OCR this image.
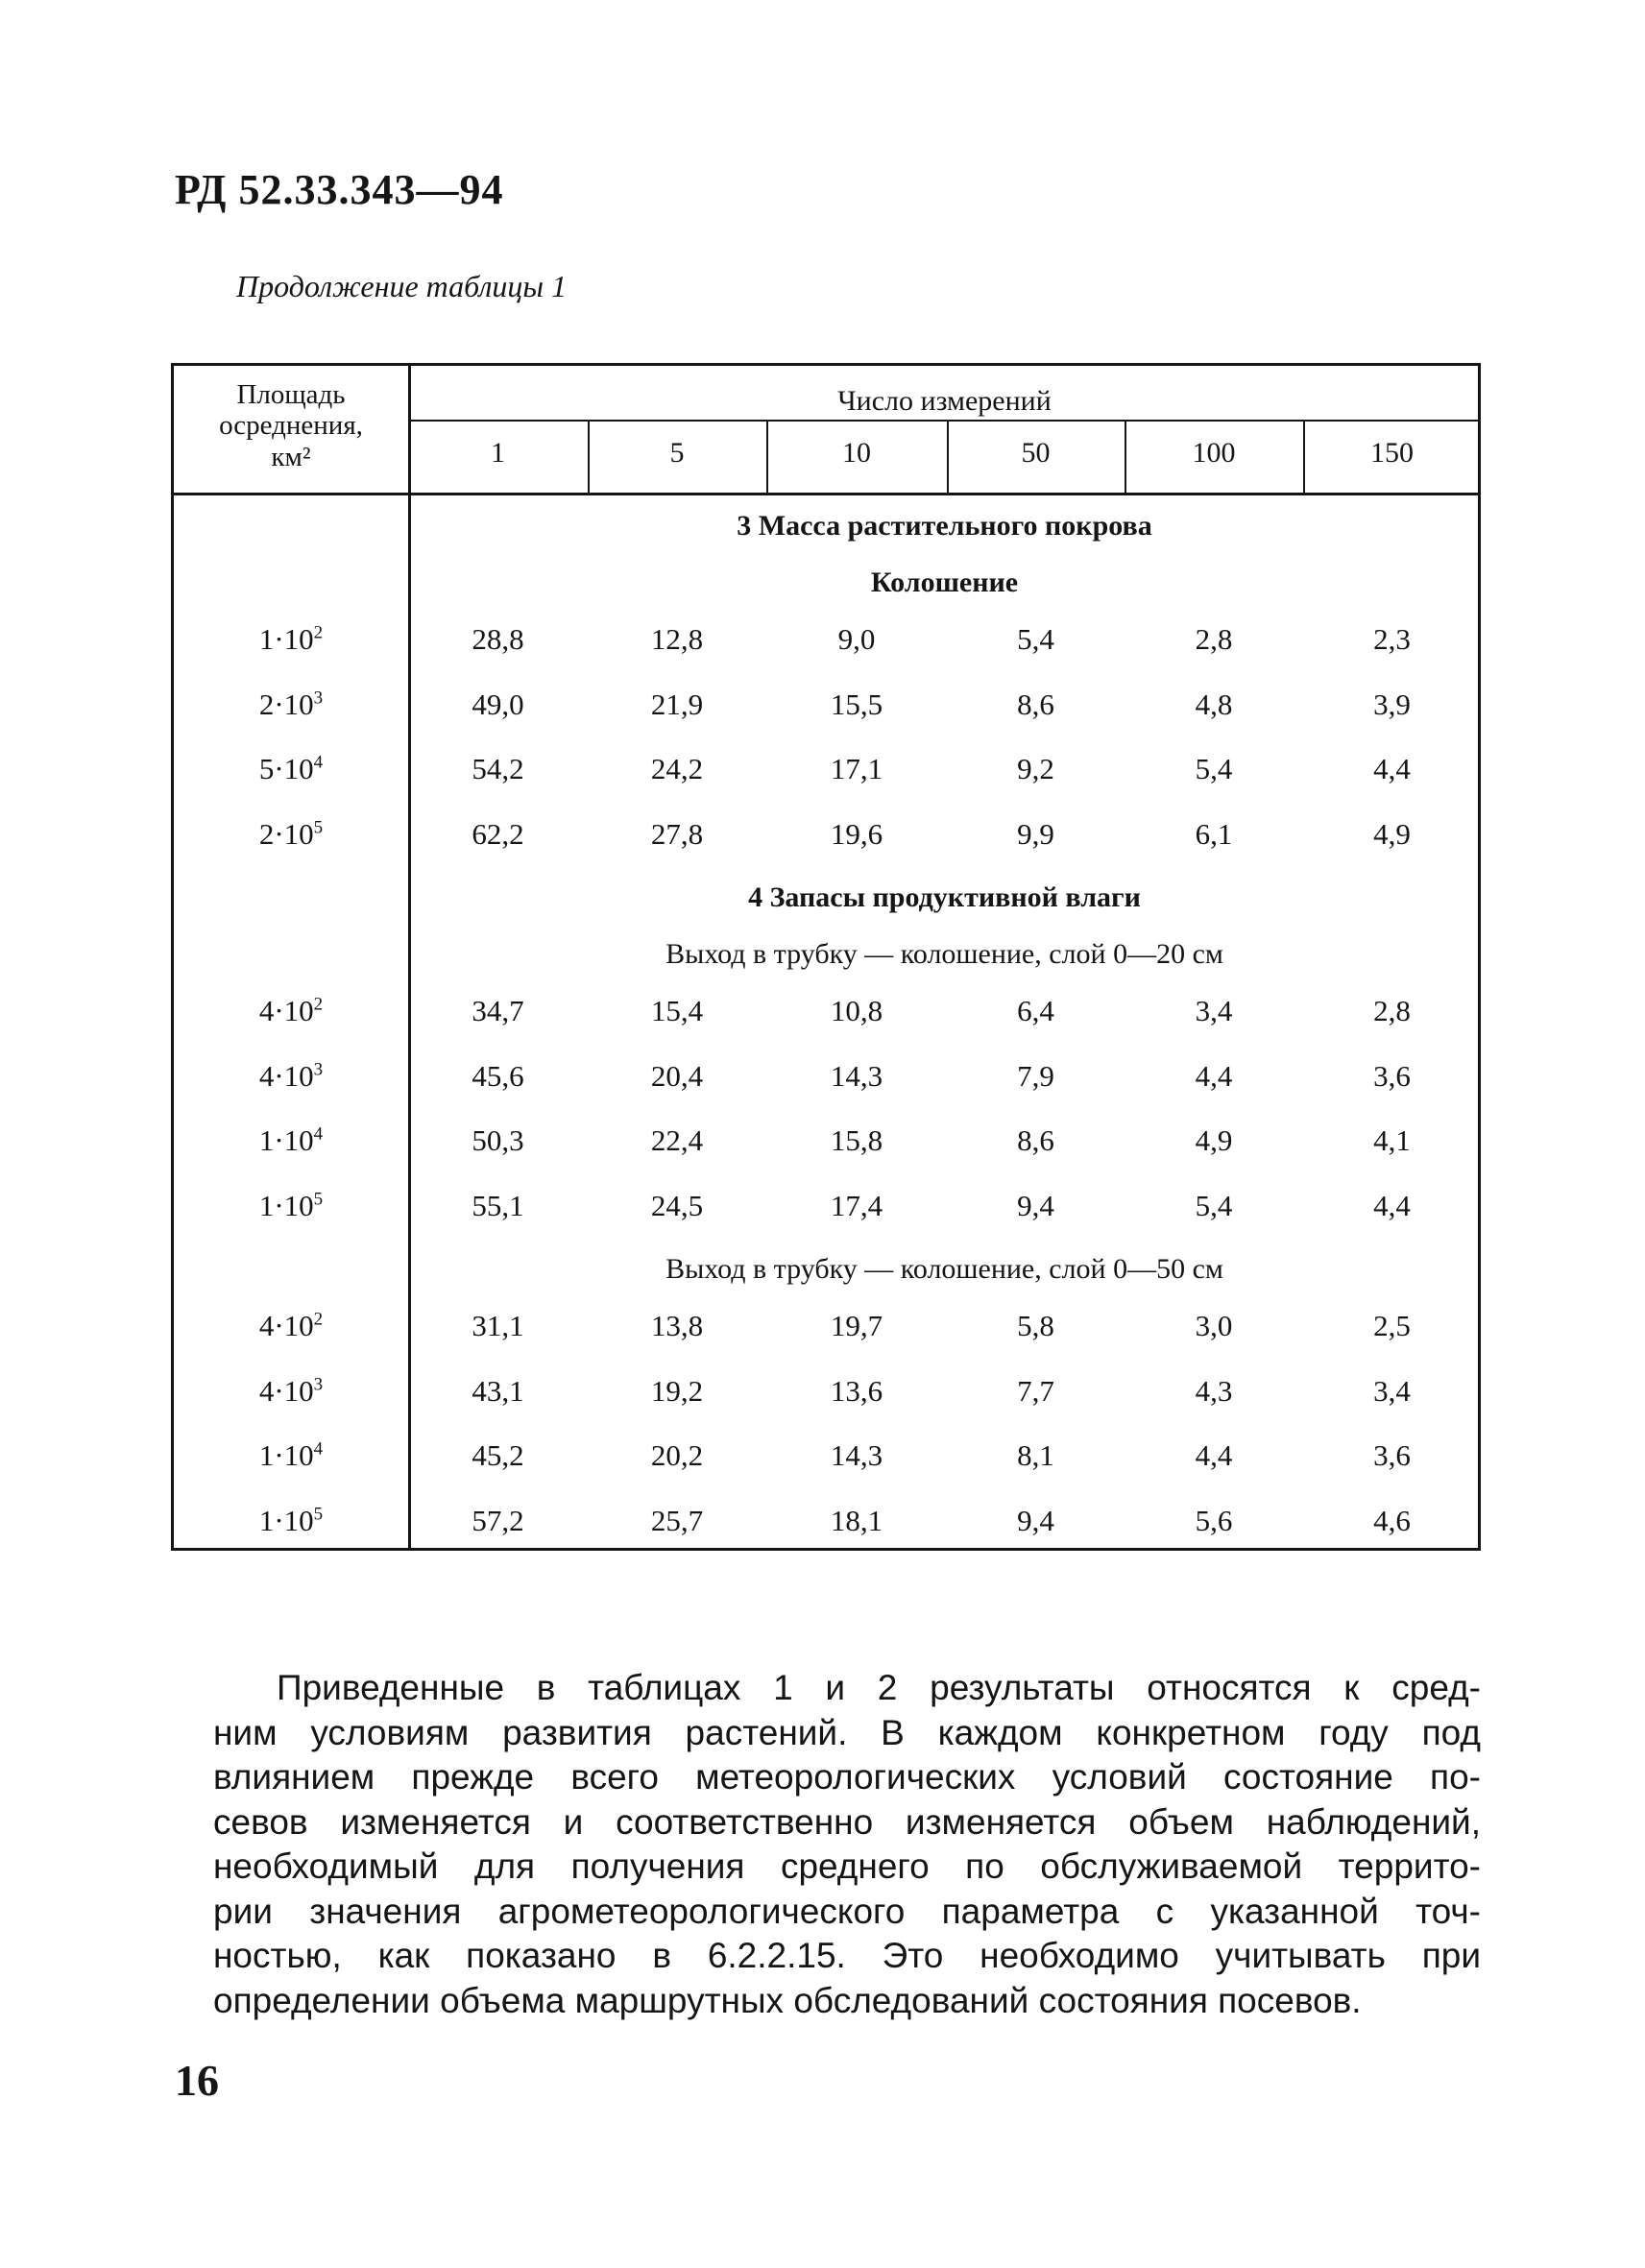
РД 52.33.343—94
Продолжение таблицы 1
Площадь
осреднения,
км²
Число измерений
1	5	10	50	100	150
3 Масса растительного покрова
Колошение
$1\cdot 10^2$	28,8	12,8	9,0	5,4	2,8	2,3
$2\cdot 10^3$	49,0	21,9	15,5	8,6	4,8	3,9
$5\cdot 10^4$	54,2	24,2	17,1	9,2	5,4	4,4
$2\cdot 10^5$	62,2	27,8	19,6	9,9	6,1	4,9
4 Запасы продуктивной влаги
Выход в трубку — колошение, слой 0—20 см
$4\cdot 10^2$	34,7	15,4	10,8	6,4	3,4	2,8
$4\cdot 10^3$	45,6	20,4	14,3	7,9	4,4	3,6
$1\cdot 10^4$	50,3	22,4	15,8	8,6	4,9	4,1
$1\cdot 10^5$	55,1	24,5	17,4	9,4	5,4	4,4
Выход в трубку — колошение, слой 0—50 см
$4\cdot 10^2$	31,1	13,8	19,7	5,8	3,0	2,5
$4\cdot 10^3$	43,1	19,2	13,6	7,7	4,3	3,4
$1\cdot 10^4$	45,2	20,2	14,3	8,1	4,4	3,6
$1\cdot 10^5$	57,2	25,7	18,1	9,4	5,6	4,6
Приведенные в таблицах 1 и 2 результаты относятся к сред-
ним условиям развития растений. В каждом конкретном году под
влиянием прежде всего метеорологических условий состояние по-
севов изменяется и соответственно изменяется объем наблюдений,
необходимый для получения среднего по обслуживаемой террито-
рии значения агрометеорологического параметра с указанной точ-
ностью, как показано в 6.2.2.15. Это необходимо учитывать при
определении объема маршрутных обследований состояния посевов.
16
